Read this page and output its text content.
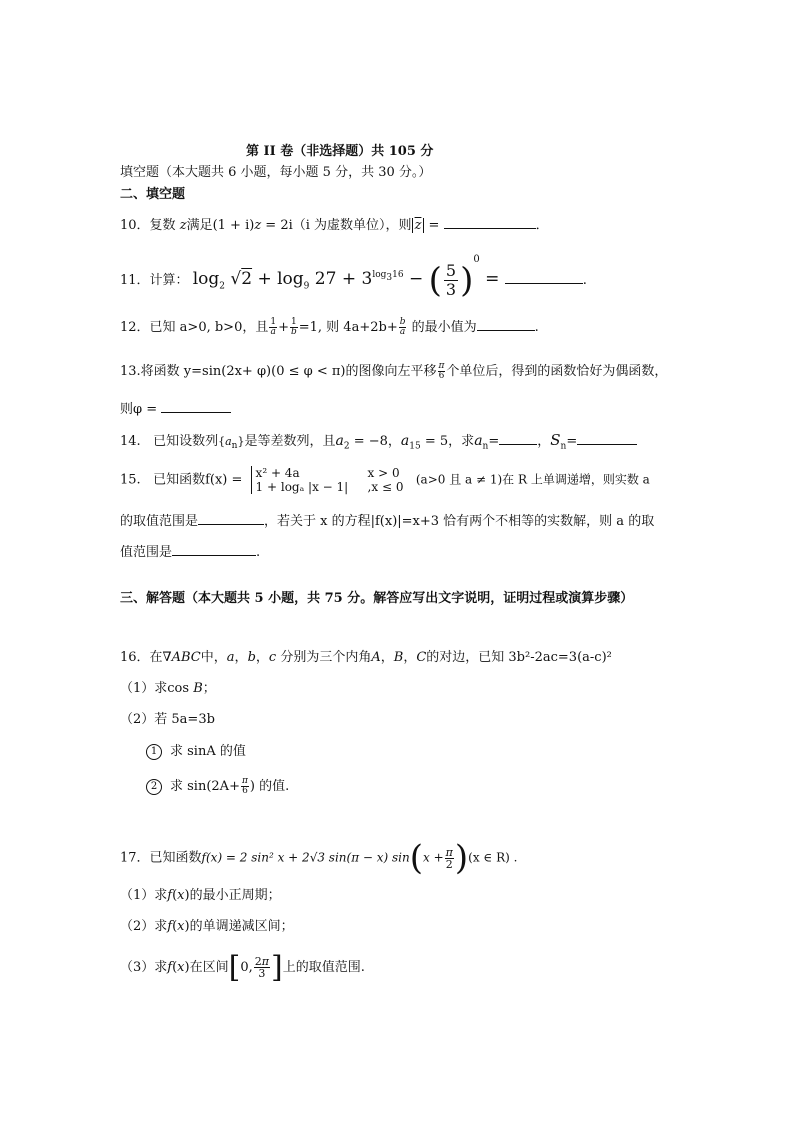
第 II 卷（非选择题）共 105 分
填空题（本大题共 6 小题，每小题 5 分，共 30 分。）
二、填空题
10．复数 z满足(1 + i)z = 2i（i 为虚数单位），则 $\overline{z}$ =	．
11．计算： $\log_2 √2 + \log_9 27 + 3^{log_316}$ − ( $\frac{5}{3} )^0$ =	.
12．已知 a>0, b>0，且 $\frac{1}{a} + \frac{1}{b} =1$, 则 $4a+2b+ \frac{b}{a}$ 的最小值为	.
13.将函数 y=sin(2x+ φ)(0 ≤ φ < π)的图像向左平移 $\frac{\pi}{6}$ 个单位后，得到的函数恰好为偶函数，
则φ =
14. 已知设数列$\{a_n\}$是等差数列，且$a_2 = -8$，$a_{15} = 5$，求$a_n=$	，$S_n=$
15. 已知函数f(x) = x² + 4a	x > 0
1 + logₐ |x − 1| ,x ≤ 0   (a>0 且 a ≠ 1)在 R 上单调递增，则实数 a
的取值范围是	，若关于 x 的方程|f(x)|=x+3 恰有两个不相等的实数解，则 a 的取
值范围是	.
三、解答题（本大题共 5 小题，共 75 分。解答应写出文字说明，证明过程或演算步骤）
16．在∇ABC中，a，b，c 分别为三个内角A，B，C的对边，已知 3b²-2ac=3(a-c)²
（1）求cos B；
（2）若 5a=3b
1 求 sinA 的值
2 求 $\sin(2A+ \frac{\pi}{6}$ ) 的值.
17．已知函数f(x) = 2 sin² x + 2√3 sin(π − x) $\sin(x + \frac{\pi}{2} )(x$ ∈ R) .
（1）求f(x)的最小正周期；
（2）求f(x)的单调递减区间；
（3）求f(x)在区间[0, $\frac{2\pi}{3}$ ]上的取值范围.
